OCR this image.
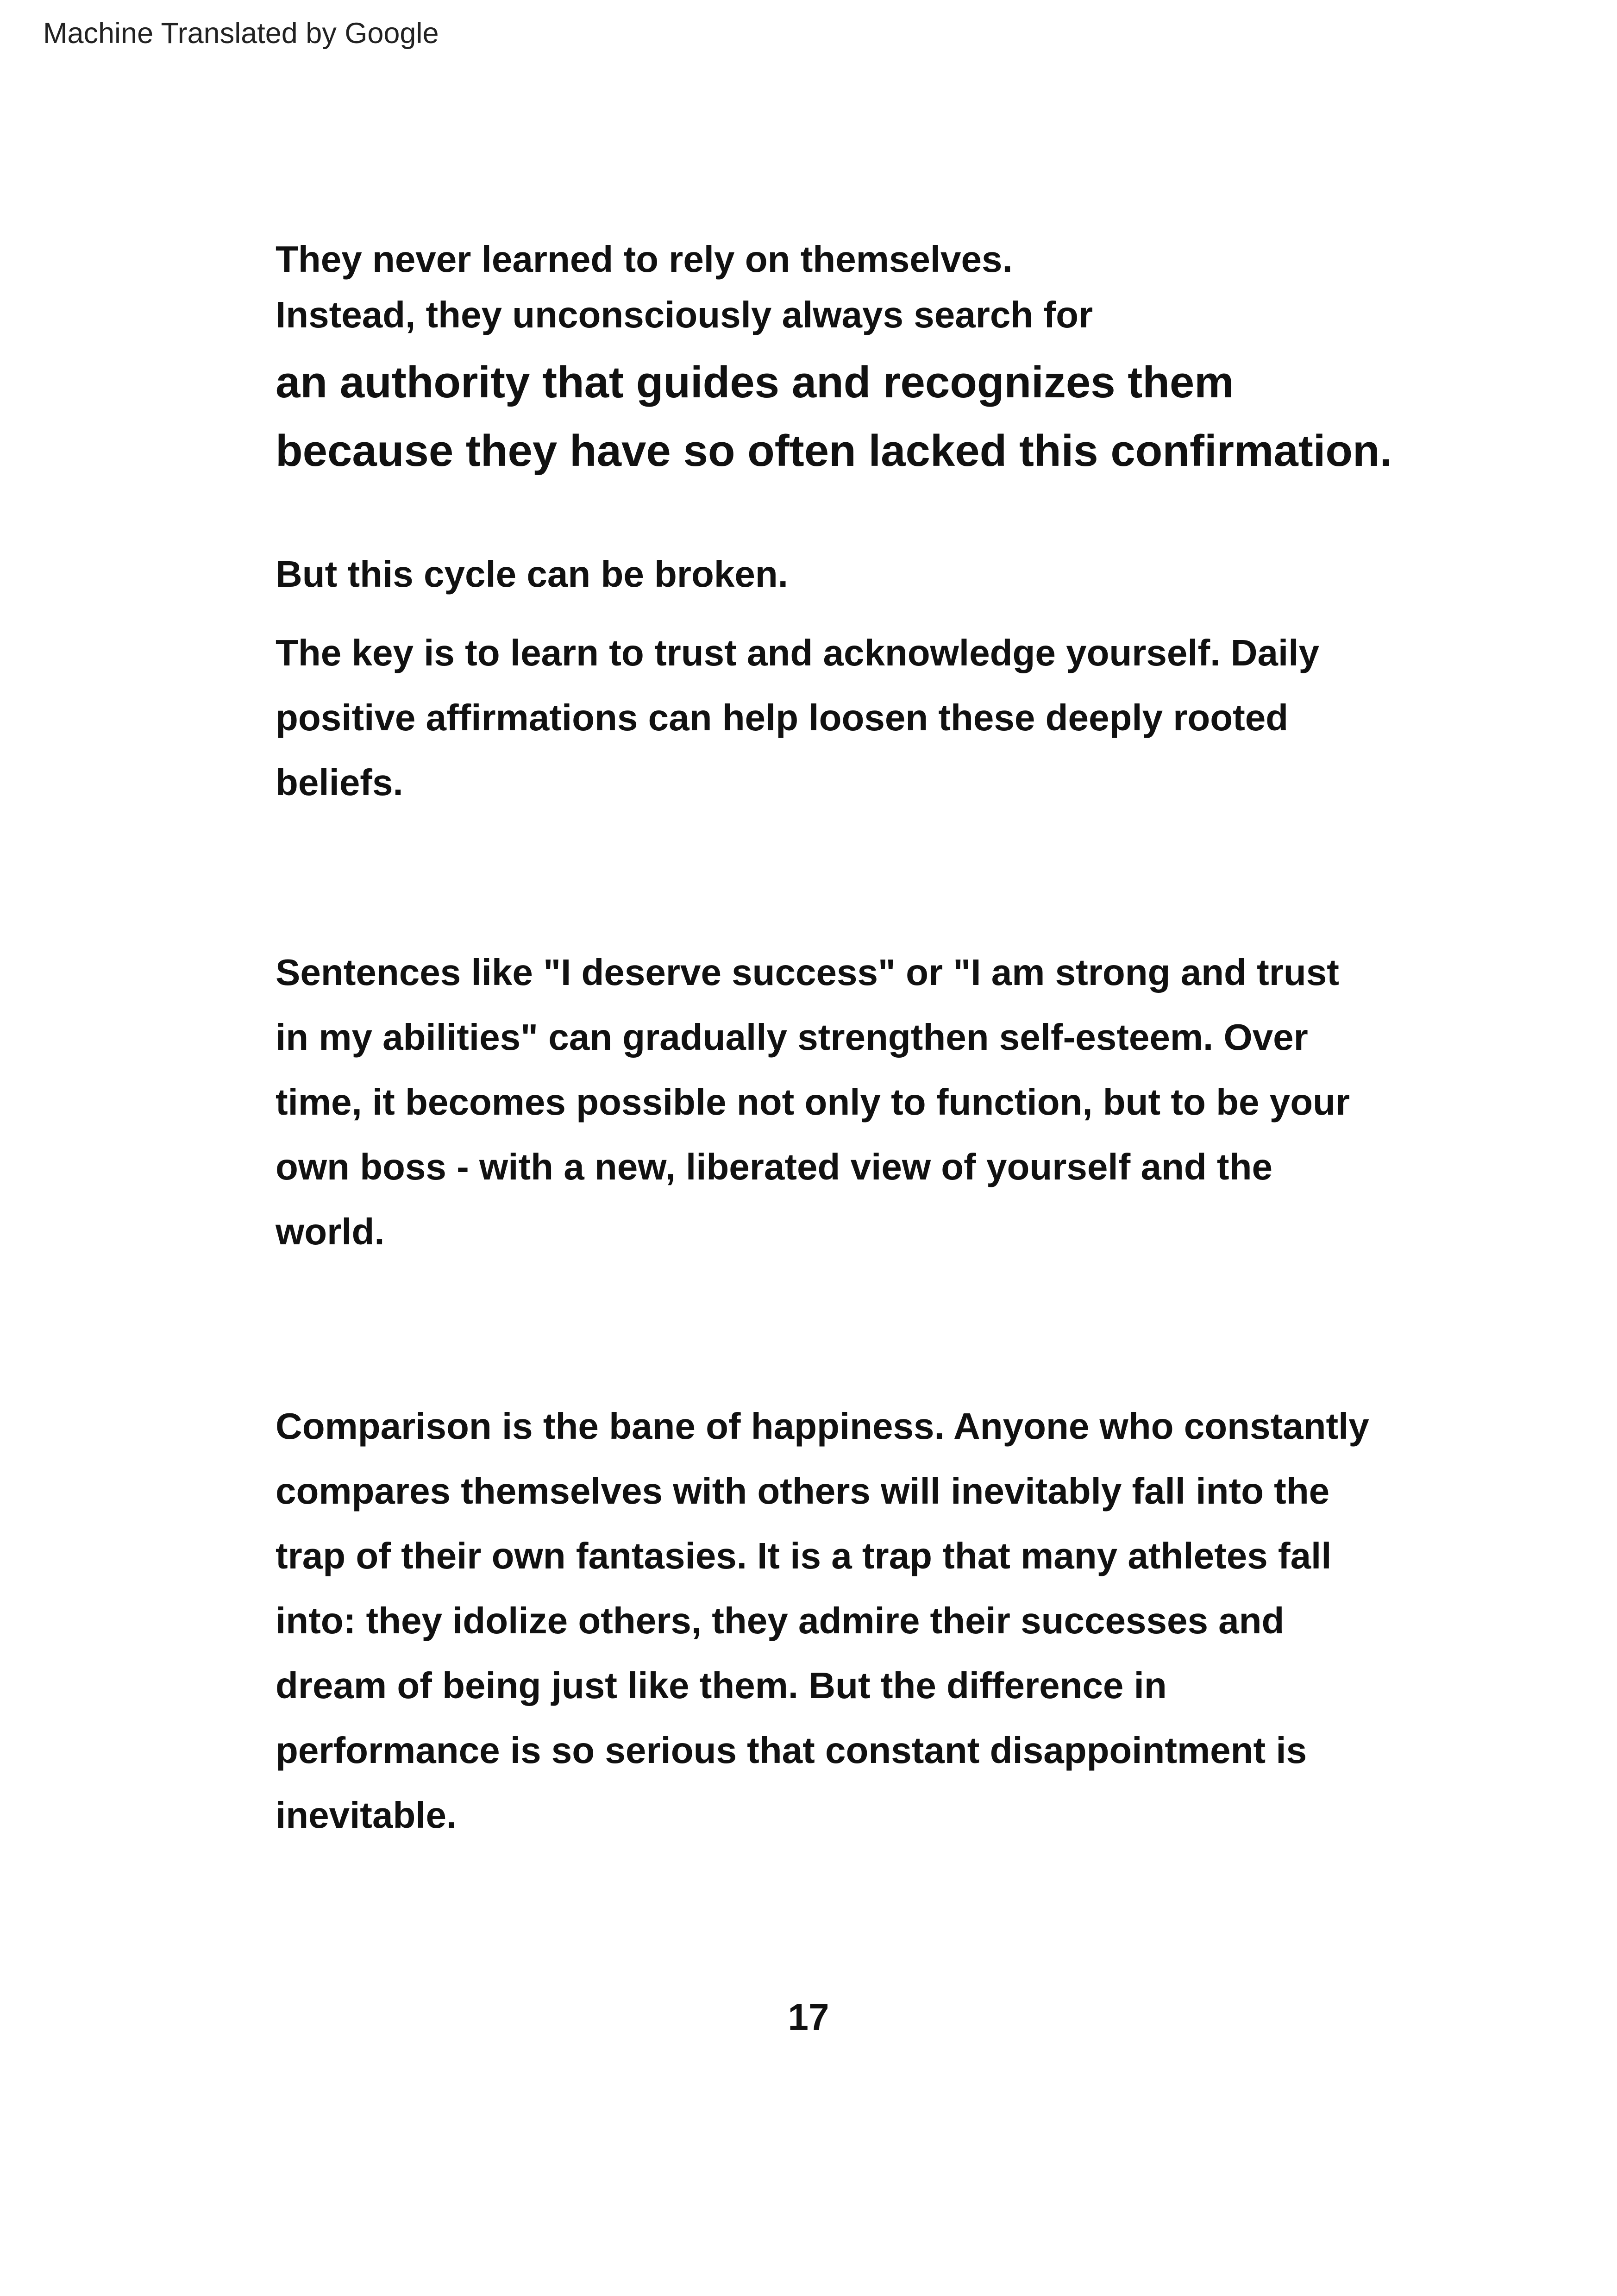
Machine Translated by Google
They never learned to rely on themselves.
Instead, they unconsciously always search for
an authority that guides and recognizes them
because they have so often lacked this confirmation.
But this cycle can be broken.
The key is to learn to trust and acknowledge yourself. Daily
positive affirmations can help loosen these deeply rooted
beliefs.
Sentences like "I deserve success" or "I am strong and trust
in my abilities" can gradually strengthen self-esteem. Over
time, it becomes possible not only to function, but to be your
own boss - with a new, liberated view of yourself and the
world.
Comparison is the bane of happiness. Anyone who constantly
compares themselves with others will inevitably fall into the
trap of their own fantasies. It is a trap that many athletes fall
into: they idolize others, they admire their successes and
dream of being just like them. But the difference in
performance is so serious that constant disappointment is
inevitable.
17
